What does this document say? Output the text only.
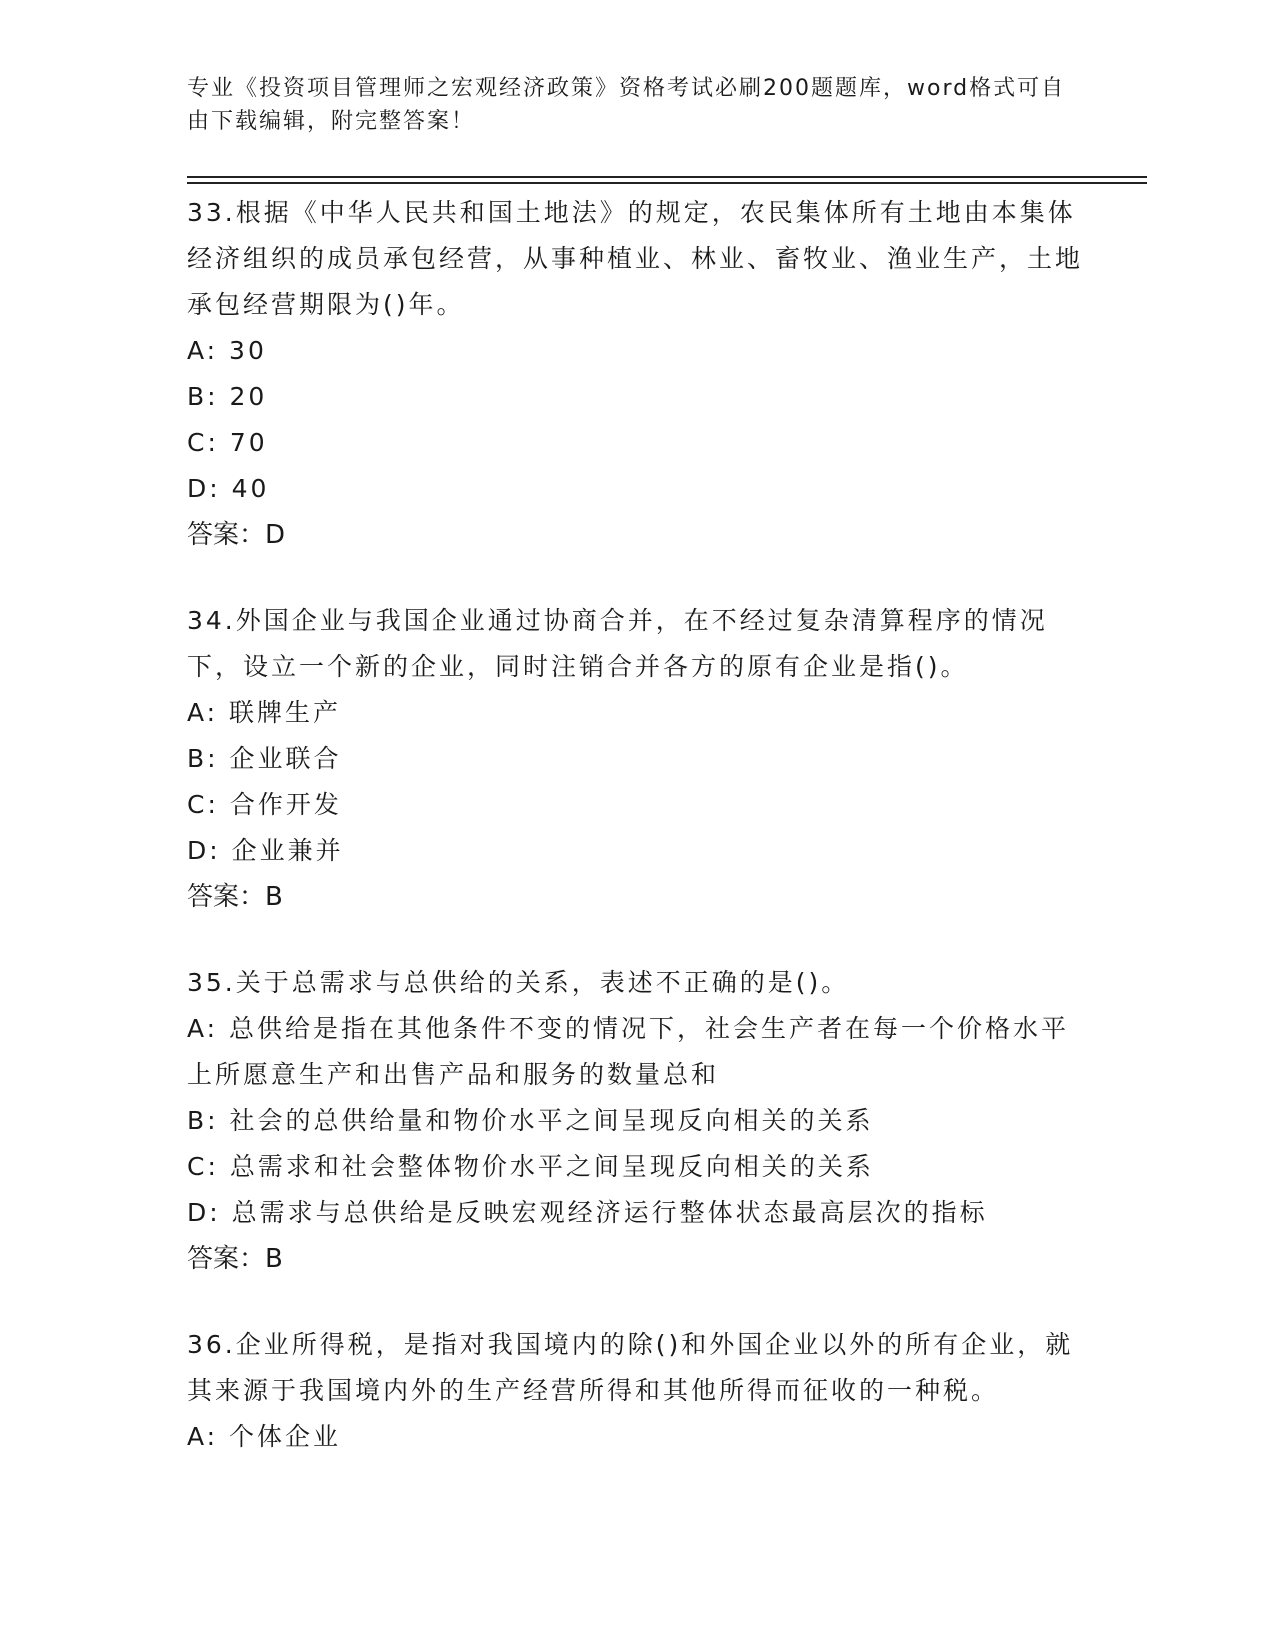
专业《投资项目管理师之宏观经济政策》资格考试必刷200题题库，word格式可自由下载编辑，附完整答案！

33.根据《中华人民共和国土地法》的规定，农民集体所有土地由本集体经济组织的成员承包经营，从事种植业、林业、畜牧业、渔业生产，土地承包经营期限为()年。

A: 30

B: 20

C: 70

D: 40

答案：D

34.外国企业与我国企业通过协商合并，在不经过复杂清算程序的情况下，设立一个新的企业，同时注销合并各方的原有企业是指()。

A: 联牌生产

B: 企业联合

C: 合作开发

D: 企业兼并

答案：B

35.关于总需求与总供给的关系，表述不正确的是()。

A: 总供给是指在其他条件不变的情况下，社会生产者在每一个价格水平上所愿意生产和出售产品和服务的数量总和

B: 社会的总供给量和物价水平之间呈现反向相关的关系

C: 总需求和社会整体物价水平之间呈现反向相关的关系

D: 总需求与总供给是反映宏观经济运行整体状态最高层次的指标

答案：B

36.企业所得税，是指对我国境内的除()和外国企业以外的所有企业，就其来源于我国境内外的生产经营所得和其他所得而征收的一种税。

A: 个体企业
